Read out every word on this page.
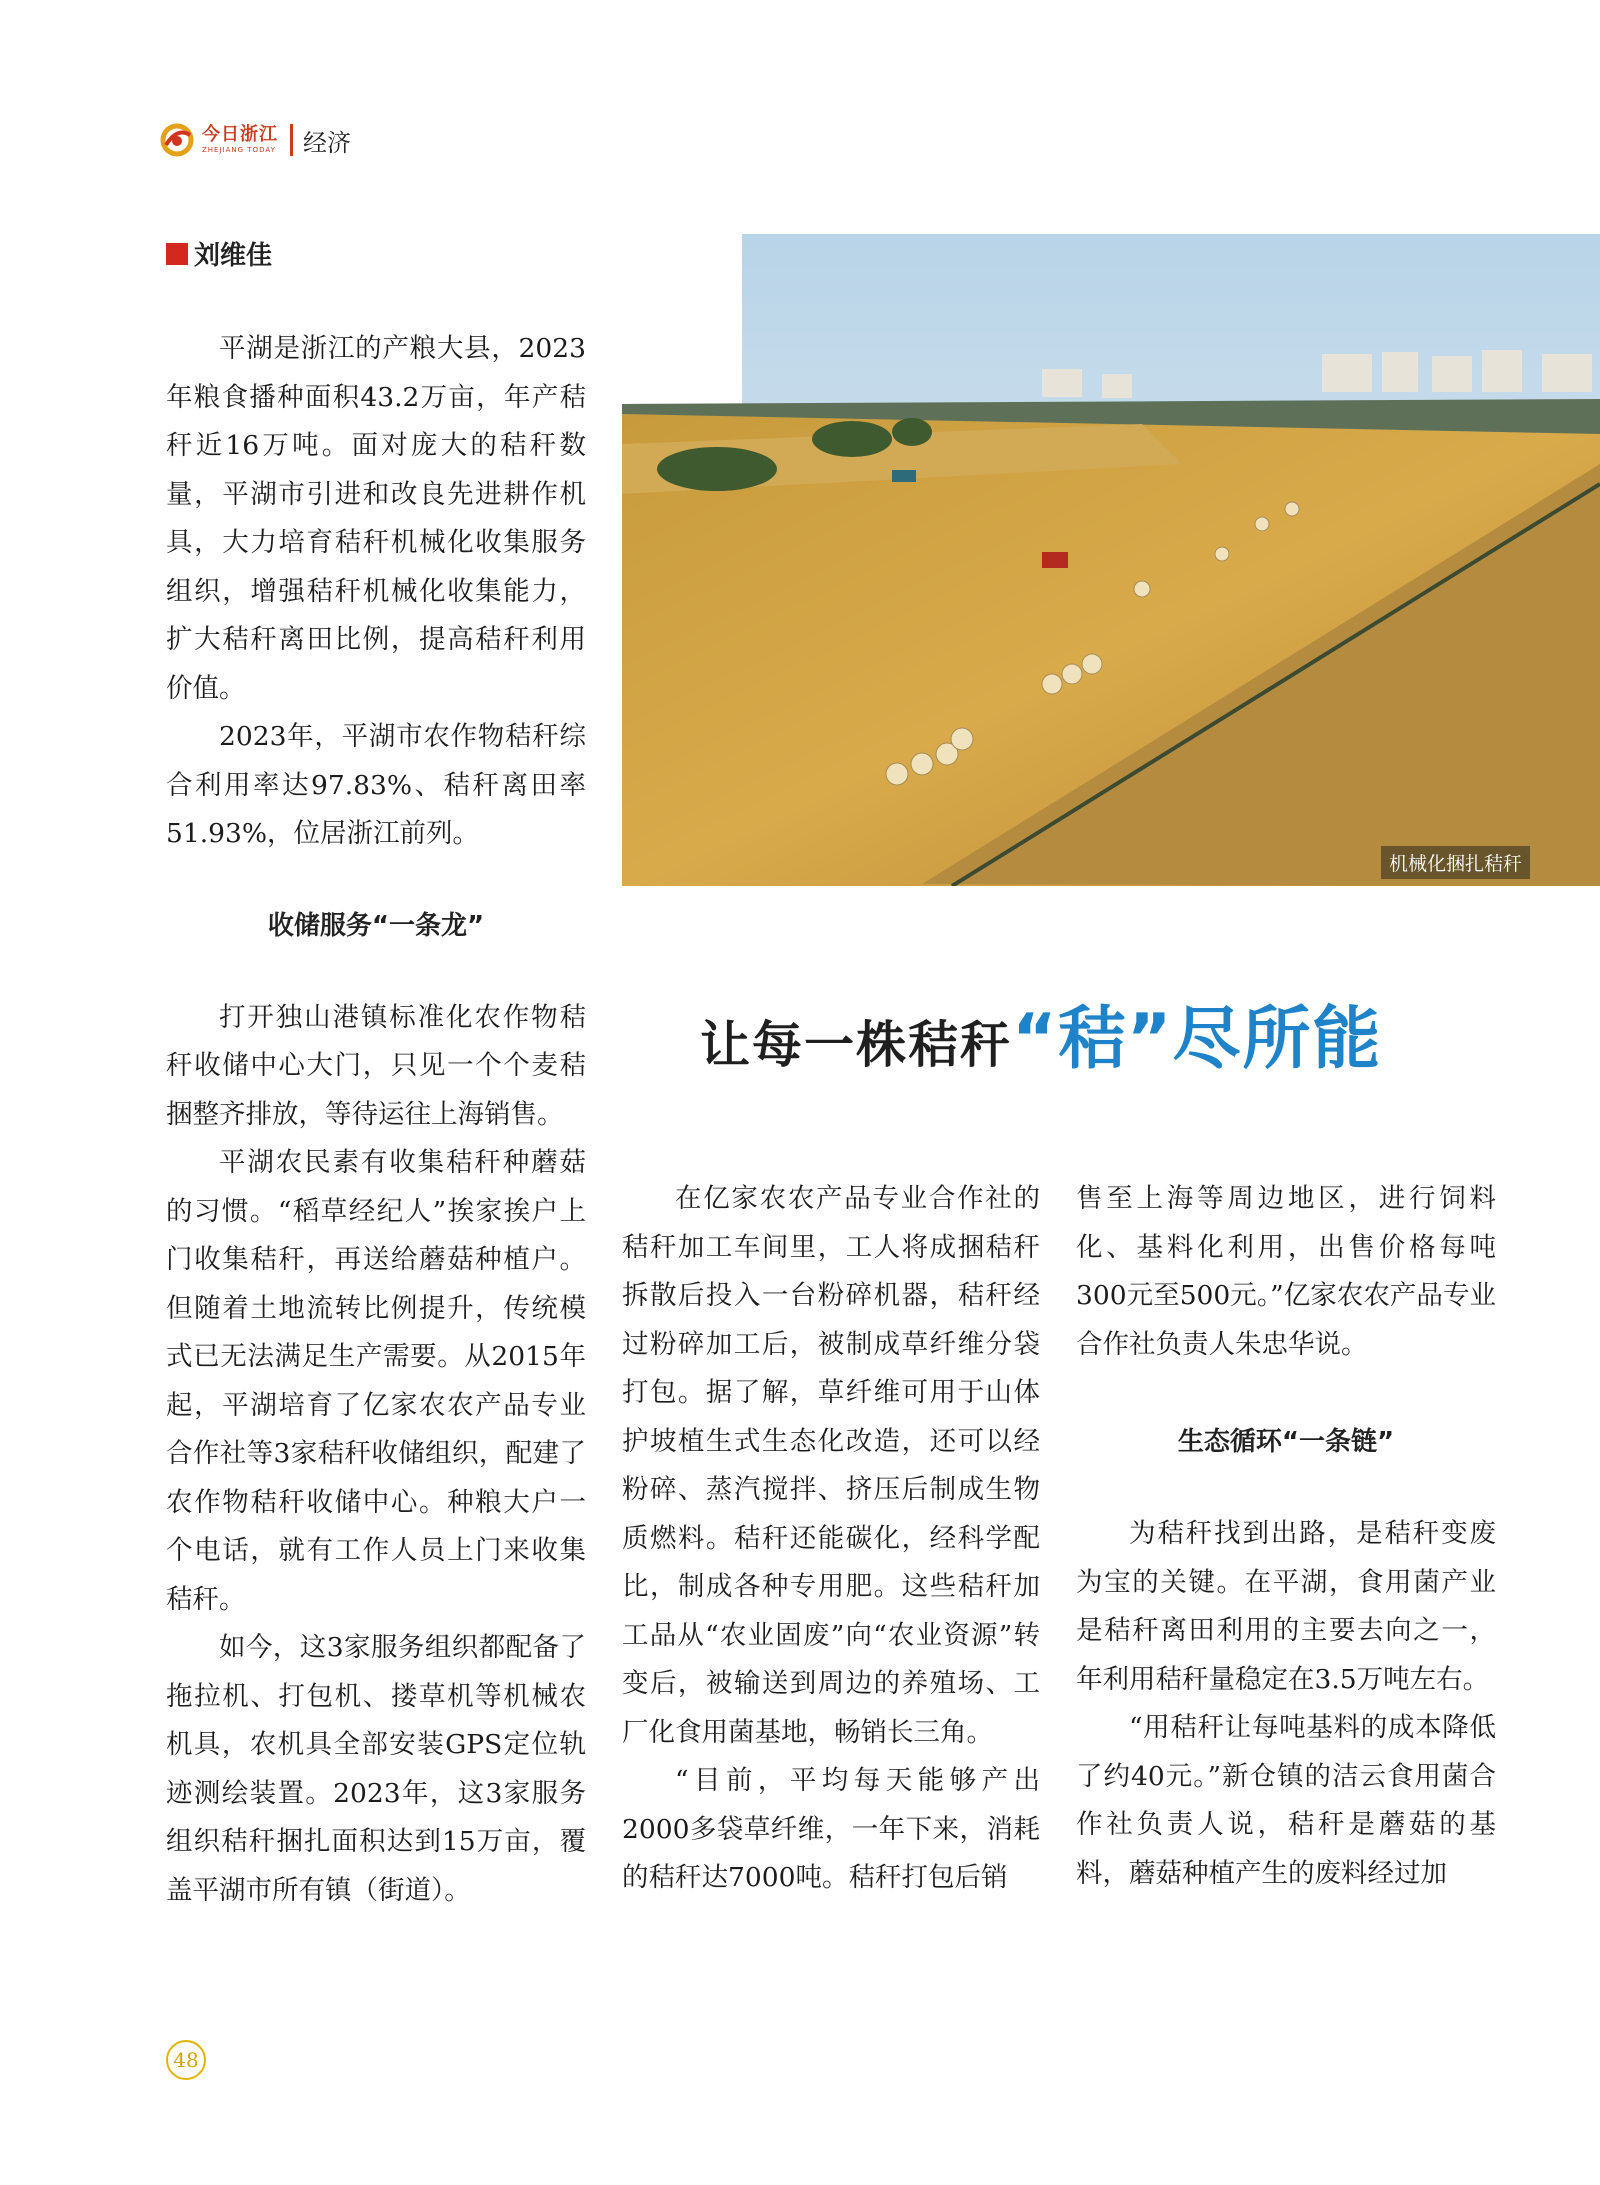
今日浙江
ZHEJIANG TODAY 经济
刘维佳

平湖是浙江的产粮大县，2023年粮食播种面积43.2万亩，年产秸秆近16万吨。面对庞大的秸秆数量，平湖市引进和改良先进耕作机具，大力培育秸秆机械化收集服务组织，增强秸秆机械化收集能力，扩大秸秆离田比例，提高秸秆利用价值。

2023年，平湖市农作物秸秆综合利用率达97.83%、秸秆离田率51.93%，位居浙江前列。

收储服务“一条龙”

打开独山港镇标准化农作物秸秆收储中心大门，只见一个个麦秸捆整齐排放，等待运往上海销售。

平湖农民素有收集秸秆种蘑菇的习惯。“稻草经纪人”挨家挨户上门收集秸秆，再送给蘑菇种植户。但随着土地流转比例提升，传统模式已无法满足生产需要。从2015年起，平湖培育了亿家农农产品专业合作社等3家秸秆收储组织，配建了农作物秸秆收储中心。种粮大户一个电话，就有工作人员上门来收集秸秆。

如今，这3家服务组织都配备了拖拉机、打包机、搂草机等机械农机具，农机具全部安装GPS定位轨迹测绘装置。2023年，这3家服务组织秸秆捆扎面积达到15万亩，覆盖平湖市所有镇（街道）。

机械化捆扎秸秆
让每一株秸秆 “秸” 尽所能

在亿家农农产品专业合作社的秸秆加工车间里，工人将成捆秸秆拆散后投入一台粉碎机器，秸秆经过粉碎加工后，被制成草纤维分袋打包。据了解，草纤维可用于山体护坡植生式生态化改造，还可以经粉碎、蒸汽搅拌、挤压后制成生物质燃料。秸秆还能碳化，经科学配比，制成各种专用肥。这些秸秆加工品从“农业固废”向“农业资源”转变后，被输送到周边的养殖场、工厂化食用菌基地，畅销长三角。

“目前，平均每天能够产出2000多袋草纤维，一年下来，消耗的秸秆达7000吨。秸秆打包后销

售至上海等周边地区，进行饲料化、基料化利用，出售价格每吨300元至500元。”亿家农农产品专业合作社负责人朱忠华说。

生态循环“一条链”

为秸秆找到出路，是秸秆变废为宝的关键。在平湖，食用菌产业是秸秆离田利用的主要去向之一，年利用秸秆量稳定在3.5万吨左右。

“用秸秆让每吨基料的成本降低了约40元。”新仓镇的洁云食用菌合作社负责人说，秸秆是蘑菇的基料，蘑菇种植产生的废料经过加

48
